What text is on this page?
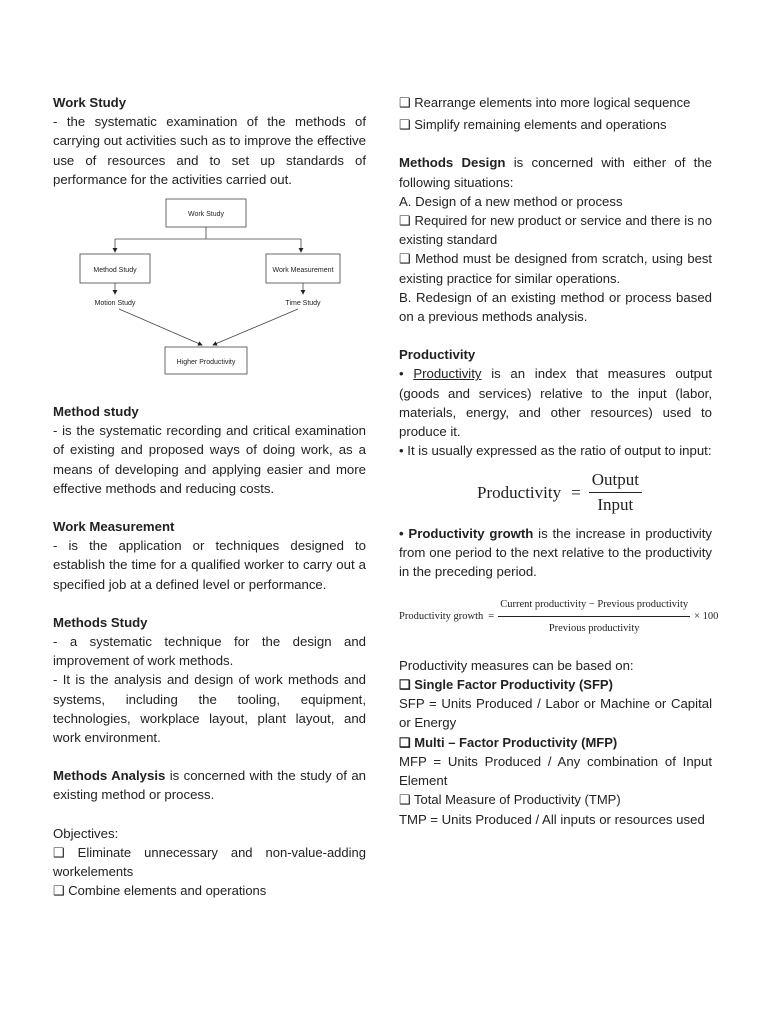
Work Study

- the systematic examination of the methods of carrying out activities such as to improve the effective use of resources and to set up standards of performance for the activities carried out.

Work Study
Method Study	Work Measurement
Motion Study	Time Study
Higher Productivity
Method study

- is the systematic recording and critical examination of existing and proposed ways of doing work, as a means of developing and applying easier and more effective methods and reducing costs.

Work Measurement

- is the application or techniques designed to establish the time for a qualified worker to carry out a specified job at a defined level or performance.

Methods Study

- a systematic technique for the design and improvement of work methods.

- It is the analysis and design of work methods and systems, including the tooling, equipment, technologies, workplace layout, plant layout, and work environment.

Methods Analysis is concerned with the study of an existing method or process.

Objectives:

❑ Eliminate unnecessary and non-value-adding workelements

❑ Combine elements and operations

❑ Rearrange elements into more logical sequence

❑ Simplify remaining elements and operations

Methods Design is concerned with either of the following situations:

A. Design of a new method or process

❑ Required for new product or service and there is no existing standard

❑ Method must be designed from scratch, using best existing practice for similar operations.

B. Redesign of an existing method or process based on a previous methods analysis.

Productivity

• Productivity is an index that measures output (goods and services) relative to the input (labor, materials, energy, and other resources) used to produce it.

• It is usually expressed as the ratio of output to input:

Productivity = $\frac{\text{Output}}{\text{Input}}$

• Productivity growth is the increase in productivity from one period to the next relative to the productivity in the preceding period.

Productivity growth = $\frac{\text{Current productivity − Previous productivity}}{\text{Previous productivity}} \times 100$

Productivity measures can be based on:

❑ Single Factor Productivity (SFP)

SFP = Units Produced / Labor or Machine or Capital or Energy

❑ Multi – Factor Productivity (MFP)

MFP = Units Produced / Any combination of Input Element

❑ Total Measure of Productivity (TMP)

TMP = Units Produced / All inputs or resources used
